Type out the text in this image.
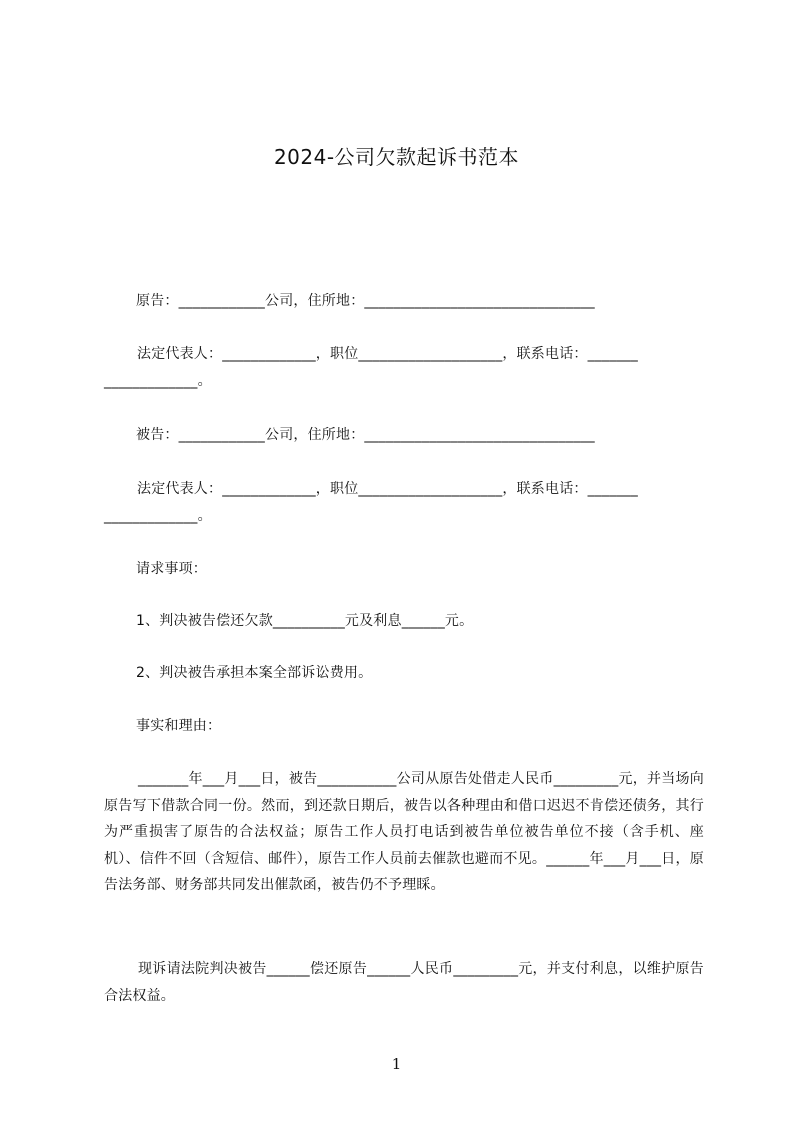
2024-公司欠款起诉书范本
原告：____________公司，住所地：________________________________
法定代表人：_____________，职位____________________，联系电话：_______
_____________。
被告：____________公司，住所地：________________________________
法定代表人：_____________，职位____________________，联系电话：_______
_____________。
请求事项：
1、判决被告偿还欠款__________元及利息______元。
2、判决被告承担本案全部诉讼费用。
事实和理由：
_______年___月___日，被告___________公司从原告处借走人民币_________元，并当场向原告写下借款合同一份。然而，到还款日期后，被告以各种理由和借口迟迟不肯偿还债务，其行为严重损害了原告的合法权益；原告工作人员打电话到被告单位被告单位不接（含手机、座机）、信件不回（含短信、邮件），原告工作人员前去催款也避而不见。______年___月___日，原告法务部、财务部共同发出催款函，被告仍不予理睬。
现诉请法院判决被告______偿还原告______人民币_________元，并支付利息，以维护原告合法权益。
1
